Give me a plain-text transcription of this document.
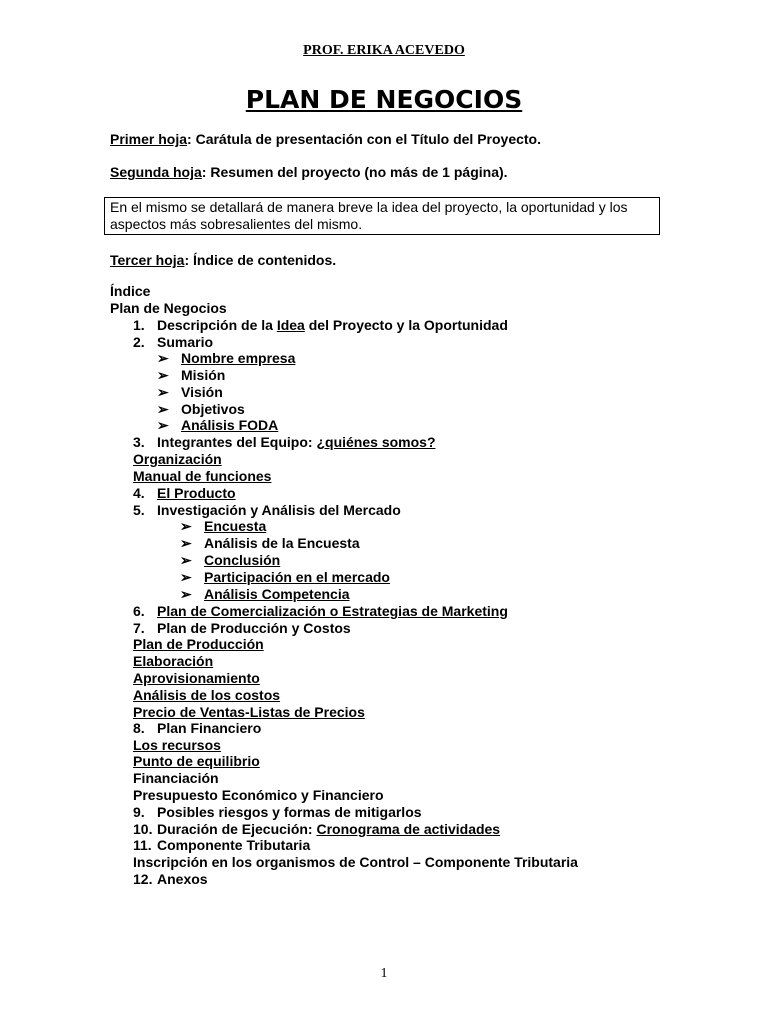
PROF. ERIKA ACEVEDO
PLAN DE NEGOCIOS
Primer hoja: Carátula de presentación con el Título del Proyecto.
Segunda hoja: Resumen del proyecto (no más de 1 página).
En el mismo se detallará de manera breve la idea del proyecto, la oportunidad y los aspectos más sobresalientes del mismo.
Tercer hoja: Índice de contenidos.
Índice
Plan de Negocios
1. Descripción de la Idea del Proyecto y la Oportunidad
2. Sumario
➢ Nombre empresa
➢ Misión
➢ Visión
➢ Objetivos
➢ Análisis FODA
3. Integrantes del Equipo: ¿quiénes somos?
Organización
Manual de funciones
4. El Producto
5. Investigación y Análisis del Mercado
➢ Encuesta
➢ Análisis de la Encuesta
➢ Conclusión
➢ Participación en el mercado
➢ Análisis Competencia
6. Plan de Comercialización o Estrategias de Marketing
7. Plan de Producción y Costos
Plan de Producción
Elaboración
Aprovisionamiento
Análisis de los costos
Precio de Ventas-Listas de Precios
8. Plan Financiero
Los recursos
Punto de equilibrio
Financiación
Presupuesto Económico y Financiero
9. Posibles riesgos y formas de mitigarlos
10. Duración de Ejecución: Cronograma de actividades
11. Componente Tributaria
Inscripción en los organismos de Control – Componente Tributaria
12. Anexos
1
